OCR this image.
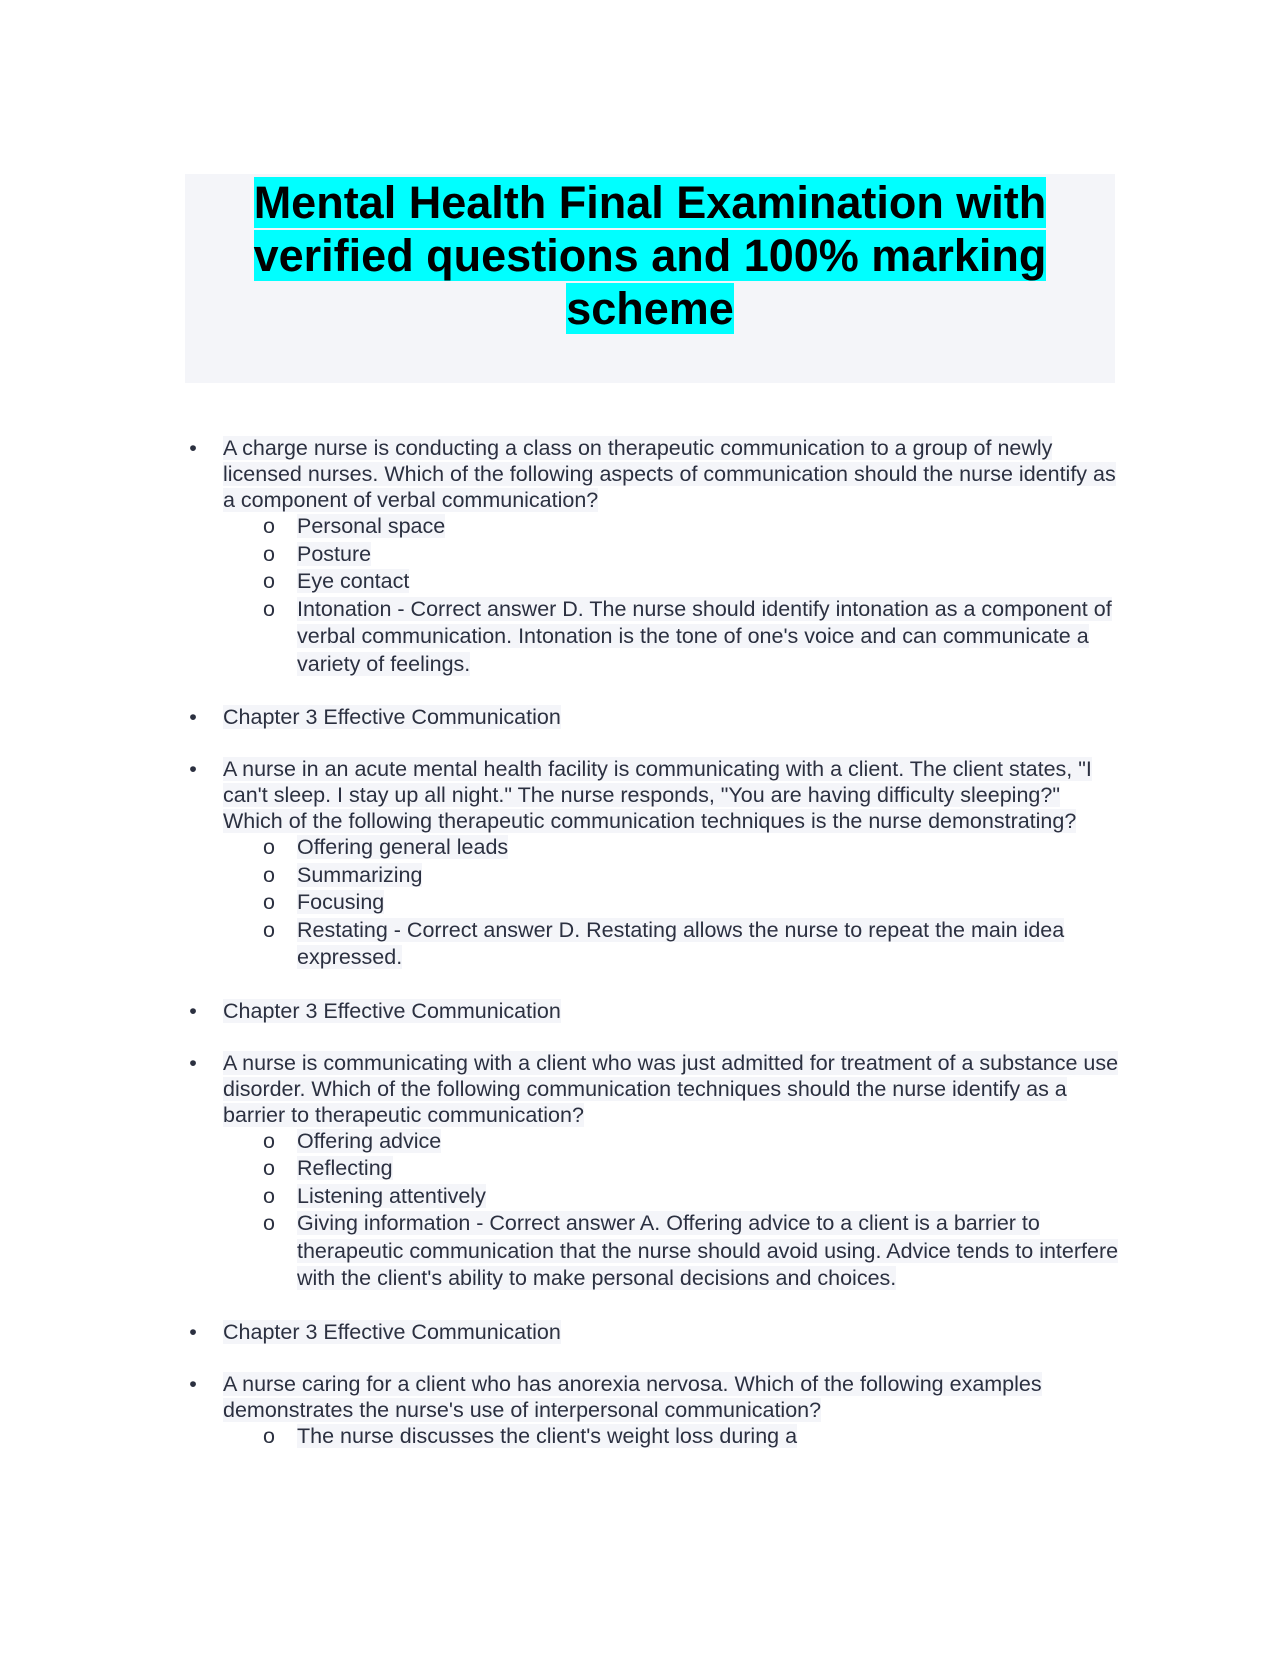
Mental Health Final Examination with
verified questions and 100% marking
scheme
• A charge nurse is conducting a class on therapeutic communication to a group of newly licensed nurses. Which of the following aspects of communication should the nurse identify as a component of verbal communication?
o Personal space
o Posture
o Eye contact
o Intonation - Correct answer D. The nurse should identify intonation as a component of verbal communication. Intonation is the tone of one's voice and can communicate a variety of feelings.
• Chapter 3 Effective Communication
• A nurse in an acute mental health facility is communicating with a client. The client states, "I can't sleep. I stay up all night." The nurse responds, "You are having difficulty sleeping?" Which of the following therapeutic communication techniques is the nurse demonstrating?
o Offering general leads
o Summarizing
o Focusing
o Restating - Correct answer D. Restating allows the nurse to repeat the main idea expressed.
• Chapter 3 Effective Communication
• A nurse is communicating with a client who was just admitted for treatment of a substance use disorder. Which of the following communication techniques should the nurse identify as a barrier to therapeutic communication?
o Offering advice
o Reflecting
o Listening attentively
o Giving information - Correct answer A. Offering advice to a client is a barrier to therapeutic communication that the nurse should avoid using. Advice tends to interfere with the client's ability to make personal decisions and choices.
• Chapter 3 Effective Communication
• A nurse caring for a client who has anorexia nervosa. Which of the following examples demonstrates the nurse's use of interpersonal communication?
o The nurse discusses the client's weight loss during a
